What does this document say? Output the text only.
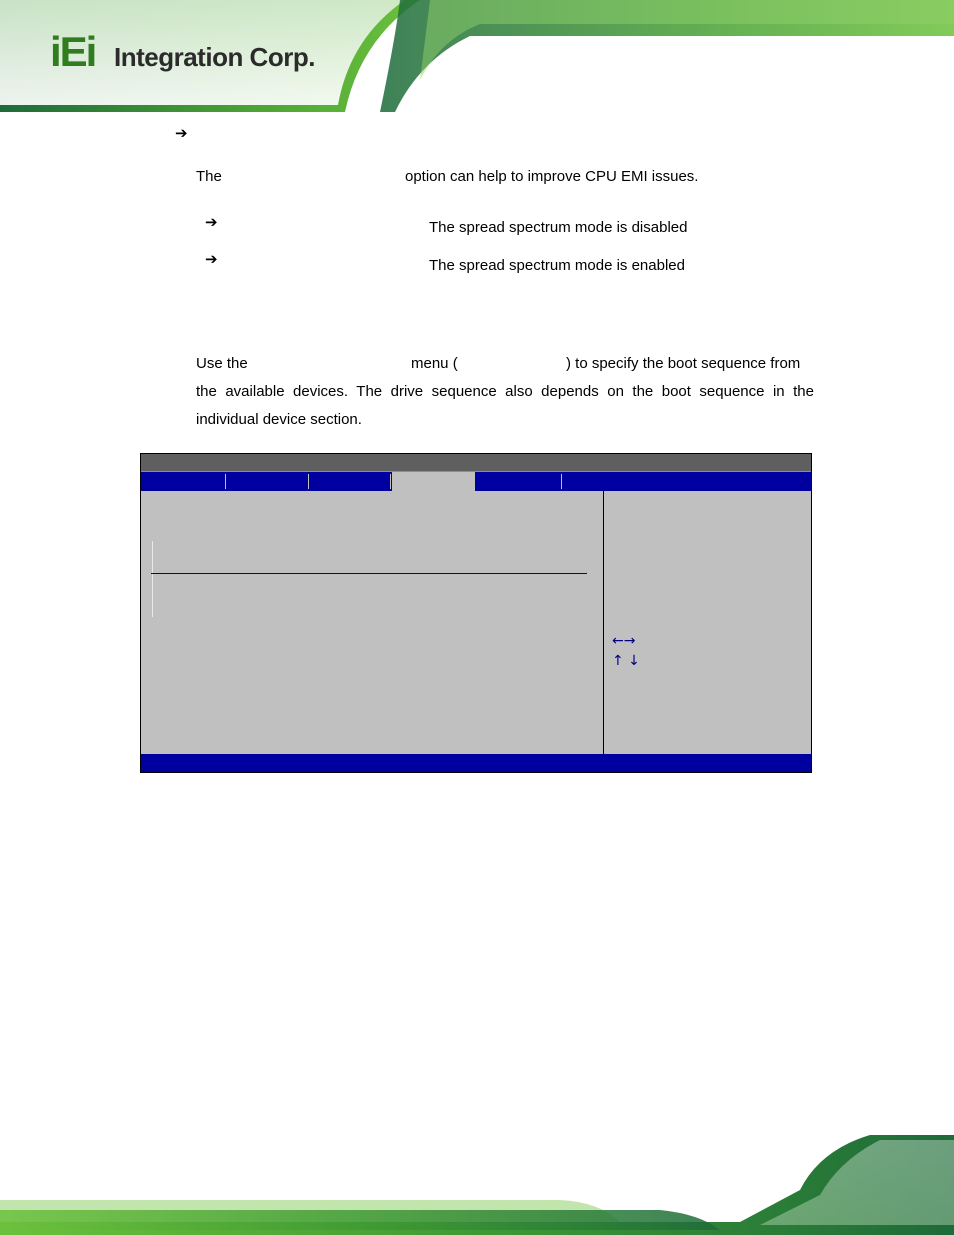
iEi Integration Corp.
➔
The	option can help to improve CPU EMI issues.
➔	The spread spectrum mode is disabled
➔	The spread spectrum mode is enabled
Use the	menu (	) to specify the boot sequence from
the available devices. The drive sequence also depends on the boot sequence in the
individual device section.
←→
↑ ↓
